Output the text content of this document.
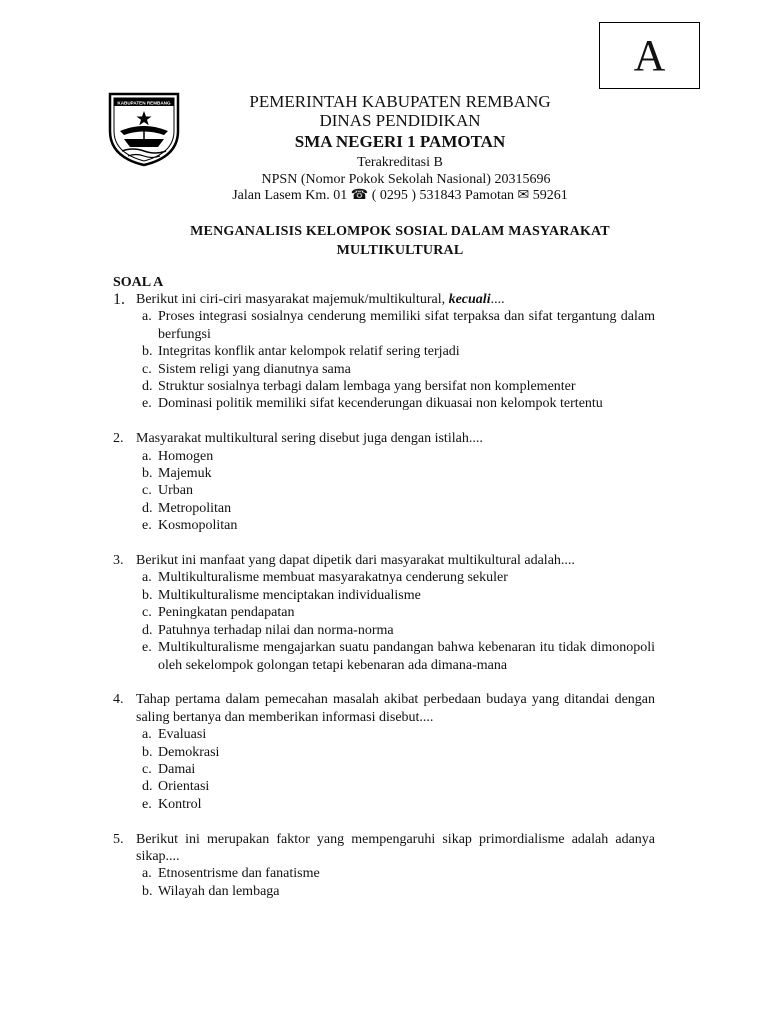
A
KABUPATEN REMBANG	PEMERINTAH KABUPATEN REMBANG
DINAS PENDIDIKAN
SMA NEGERI 1 PAMOTAN
Terakreditasi B
NPSN (Nomor Pokok Sekolah Nasional) 20315696
Jalan Lasem Km. 01 ☎ ( 0295 ) 531843 Pamotan ✉ 59261
MENGANALISIS KELOMPOK SOSIAL DALAM MASYARAKAT
MULTIKULTURAL
SOAL A
1. Berikut ini ciri-ciri masyarakat majemuk/multikultural, kecuali....
a. Proses integrasi sosialnya cenderung memiliki sifat terpaksa dan sifat tergantung dalam berfungsi
b. Integritas konflik antar kelompok relatif sering terjadi
c. Sistem religi yang dianutnya sama
d. Struktur sosialnya terbagi dalam lembaga yang bersifat non komplementer
e. Dominasi politik memiliki sifat kecenderungan dikuasai non kelompok tertentu
2. Masyarakat multikultural sering disebut juga dengan istilah....
a. Homogen
b. Majemuk
c. Urban
d. Metropolitan
e. Kosmopolitan
3. Berikut ini manfaat yang dapat dipetik dari masyarakat multikultural adalah....
a. Multikulturalisme membuat masyarakatnya cenderung sekuler
b. Multikulturalisme menciptakan individualisme
c. Peningkatan pendapatan
d. Patuhnya terhadap nilai dan norma-norma
e. Multikulturalisme mengajarkan suatu pandangan bahwa kebenaran itu tidak dimonopoli oleh sekelompok golongan tetapi kebenaran ada dimana-mana
4. Tahap pertama dalam pemecahan masalah akibat perbedaan budaya yang ditandai dengan saling bertanya dan memberikan informasi disebut....
a. Evaluasi
b. Demokrasi
c. Damai
d. Orientasi
e. Kontrol
5. Berikut ini merupakan faktor yang mempengaruhi sikap primordialisme adalah adanya sikap....
a. Etnosentrisme dan fanatisme
b. Wilayah dan lembaga
